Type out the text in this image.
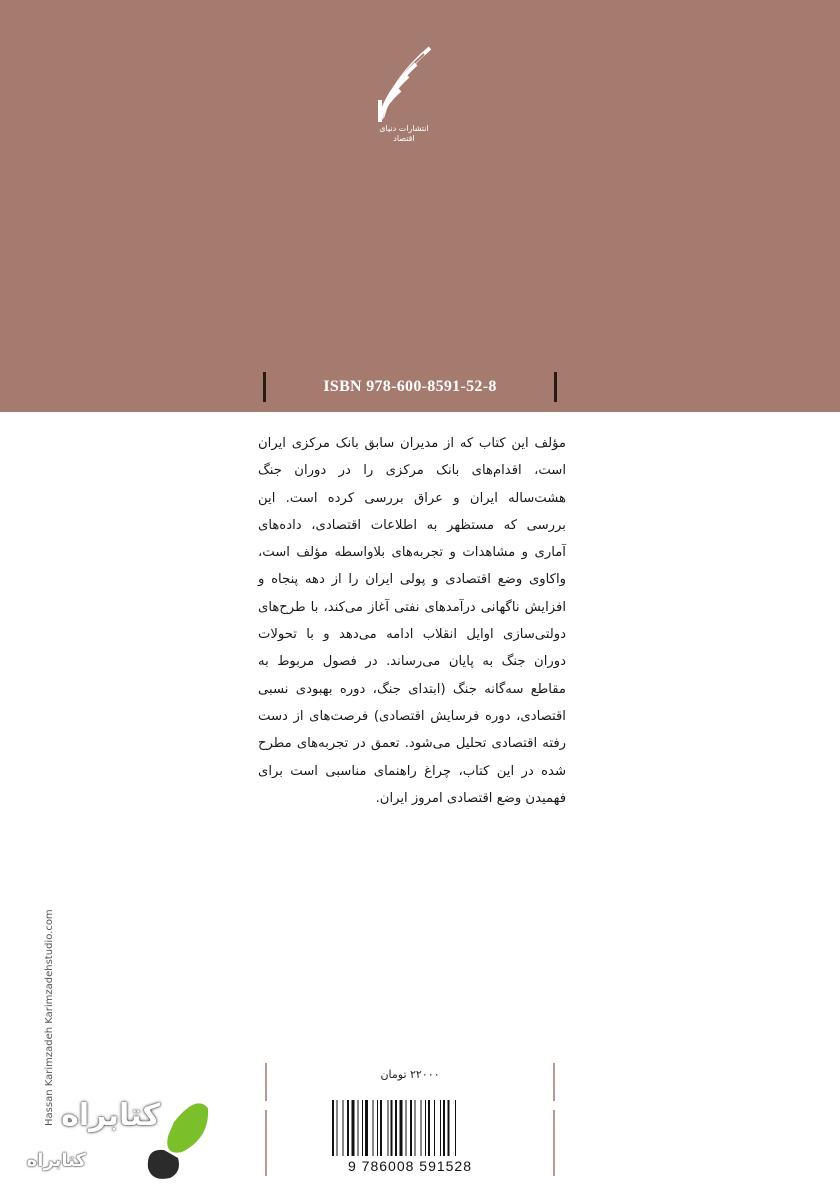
انتشارات دنیای اقتصاد
ISBN 978-600-8591-52-8

مؤلف این کتاب که از مدیران سابق بانک مرکزی ایران است، اقدام‌های بانک مرکزی را در دوران جنگ هشت‌ساله ایران و عراق بررسی کرده است. این بررسی که مستظهر به اطلاعات اقتصادی، داده‌های آماری و مشاهدات و تجربه‌های بلاواسطه مؤلف است، واکاوی وضع اقتصادی و پولی ایران را از دهه پنجاه و افزایش ناگهانی درآمدهای نفتی آغاز می‌کند، با طرح‌های دولتی‌سازی اوایل انقلاب ادامه می‌دهد و با تحولات دوران جنگ به پایان می‌رساند. در فصول مربوط به مقاطع سه‌گانه جنگ (ابتدای جنگ، دوره بهبودی نسبی اقتصادی، دوره فرسایش اقتصادی) فرصت‌های از دست رفته اقتصادی تحلیل می‌شود. تعمق در تجربه‌های مطرح شده در این کتاب، چراغ راهنمای مناسبی است برای فهمیدن وضع اقتصادی امروز ایران.

Hassan Karimzadeh Karimzadehstudio.com	۲۲۰۰۰ تومان
9 786008 591528
کتابراه
کتابراه
